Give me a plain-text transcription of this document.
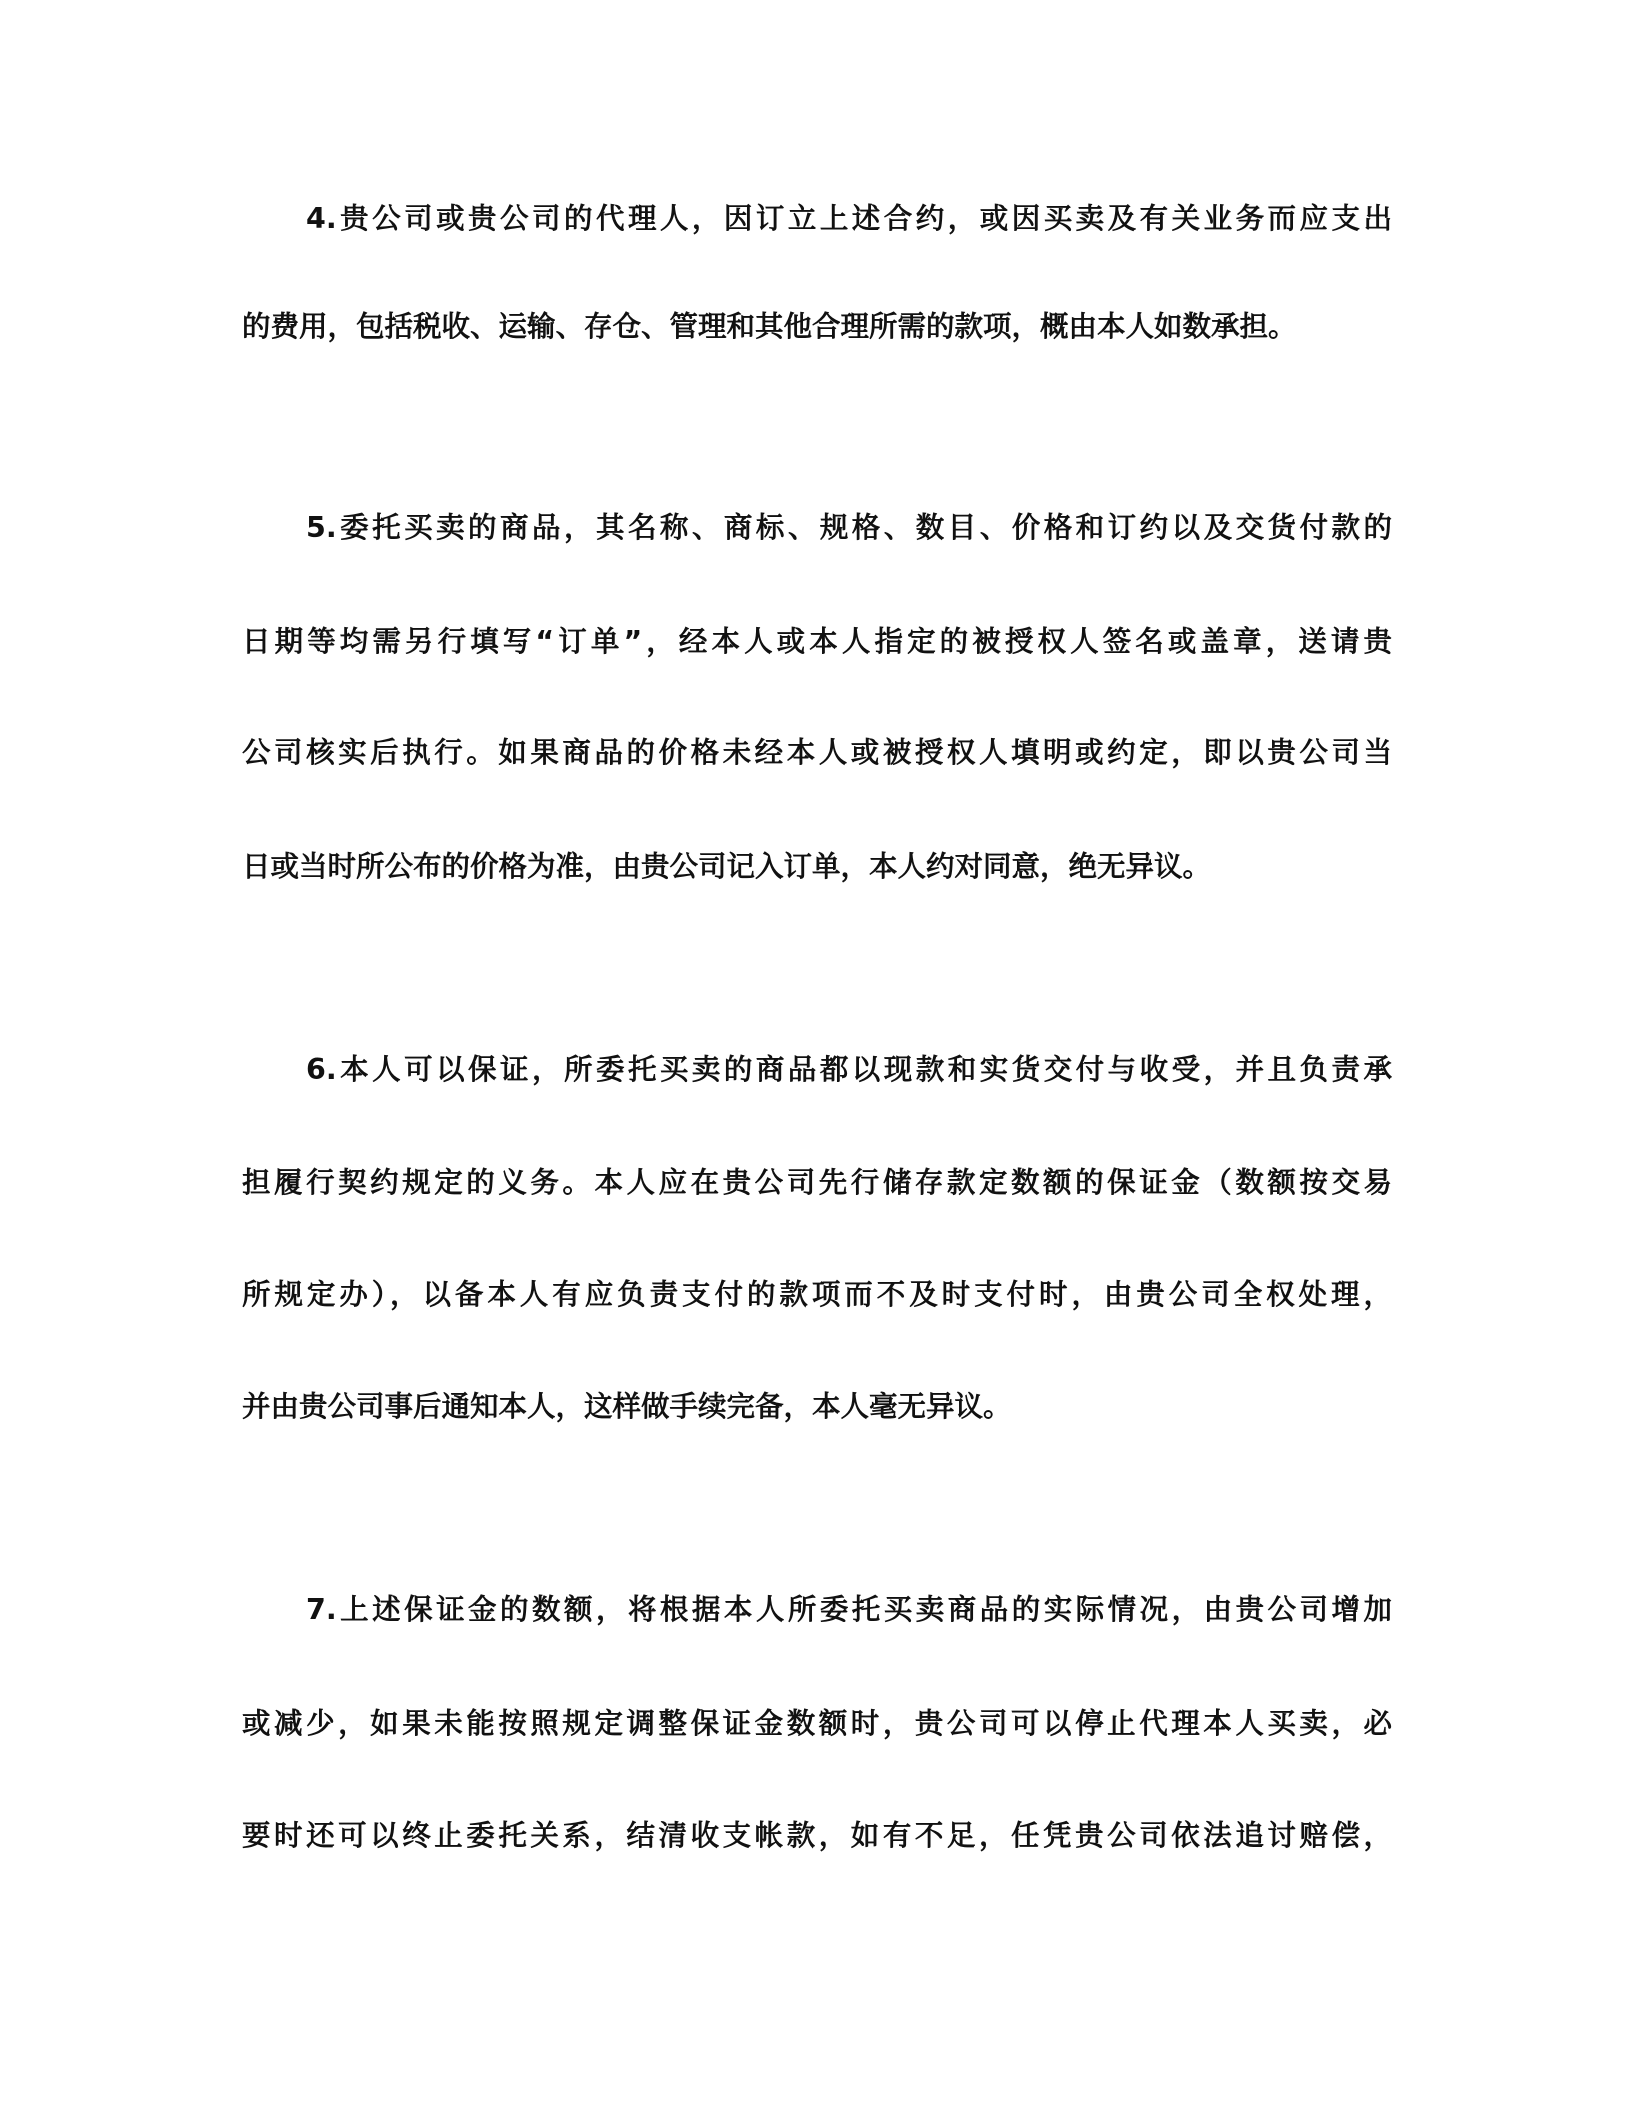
4.贵公司或贵公司的代理人，因订立上述合约，或因买卖及有关业务而应支出
的费用，包括税收、运输、存仓、管理和其他合理所需的款项，概由本人如数承担。
5.委托买卖的商品，其名称、商标、规格、数目、价格和订约以及交货付款的
日期等均需另行填写“订单”，经本人或本人指定的被授权人签名或盖章，送请贵
公司核实后执行。如果商品的价格未经本人或被授权人填明或约定，即以贵公司当
日或当时所公布的价格为准，由贵公司记入订单，本人约对同意，绝无异议。
6.本人可以保证，所委托买卖的商品都以现款和实货交付与收受，并且负责承
担履行契约规定的义务。本人应在贵公司先行储存款定数额的保证金（数额按交易
所规定办），以备本人有应负责支付的款项而不及时支付时，由贵公司全权处理，
并由贵公司事后通知本人，这样做手续完备，本人毫无异议。
7.上述保证金的数额，将根据本人所委托买卖商品的实际情况，由贵公司增加
或减少，如果未能按照规定调整保证金数额时，贵公司可以停止代理本人买卖，必
要时还可以终止委托关系，结清收支帐款，如有不足，任凭贵公司依法追讨赔偿，
